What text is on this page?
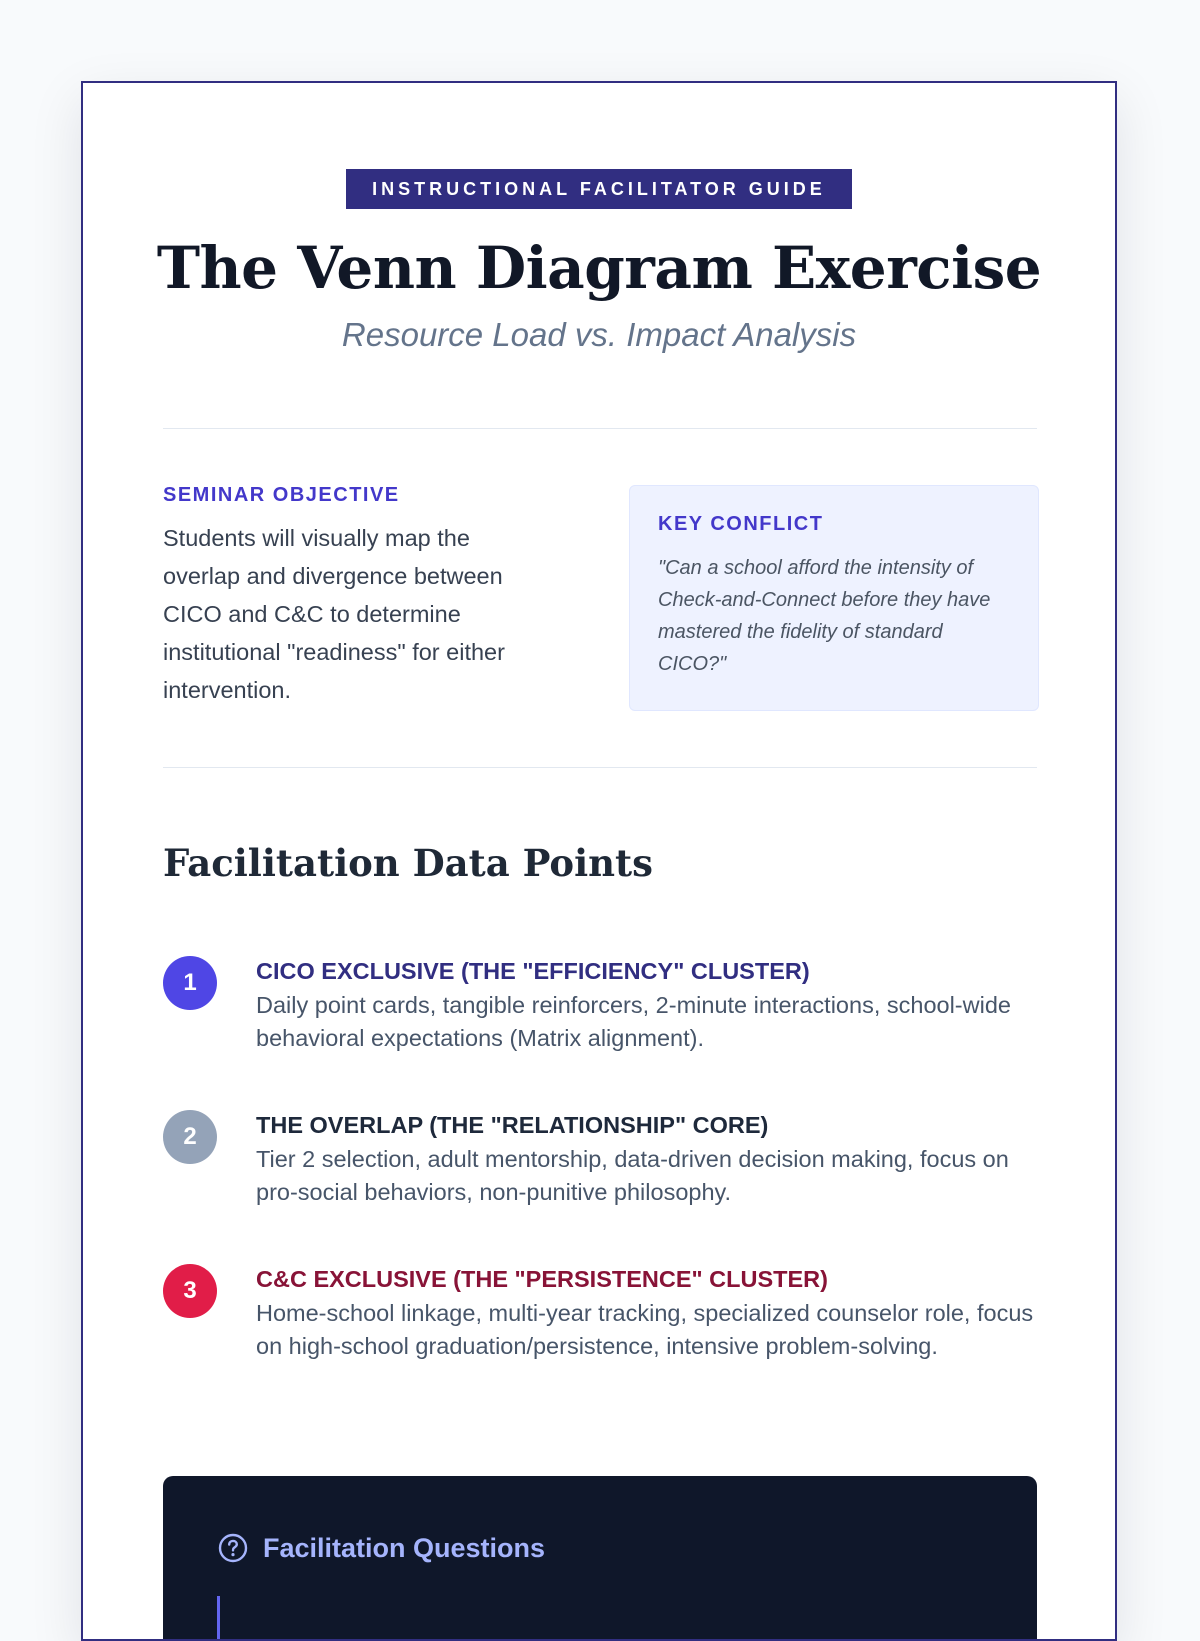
INSTRUCTIONAL FACILITATOR GUIDE
The Venn Diagram Exercise
Resource Load vs. Impact Analysis
SEMINAR OBJECTIVE
Students will visually map the overlap and divergence between CICO and C&C to determine institutional "readiness" for either intervention.
KEY CONFLICT
"Can a school afford the intensity of Check-and-Connect before they have mastered the fidelity of standard CICO?"
Facilitation Data Points
1	CICO EXCLUSIVE (THE "EFFICIENCY" CLUSTER)
Daily point cards, tangible reinforcers, 2-minute interactions, school-wide behavioral expectations (Matrix alignment).
2	THE OVERLAP (THE "RELATIONSHIP" CORE)
Tier 2 selection, adult mentorship, data-driven decision making, focus on pro-social behaviors, non-punitive philosophy.
3	C&C EXCLUSIVE (THE "PERSISTENCE" CLUSTER)
Home-school linkage, multi-year tracking, specialized counselor role, focus on high-school graduation/persistence, intensive problem-solving.
Facilitation Questions
